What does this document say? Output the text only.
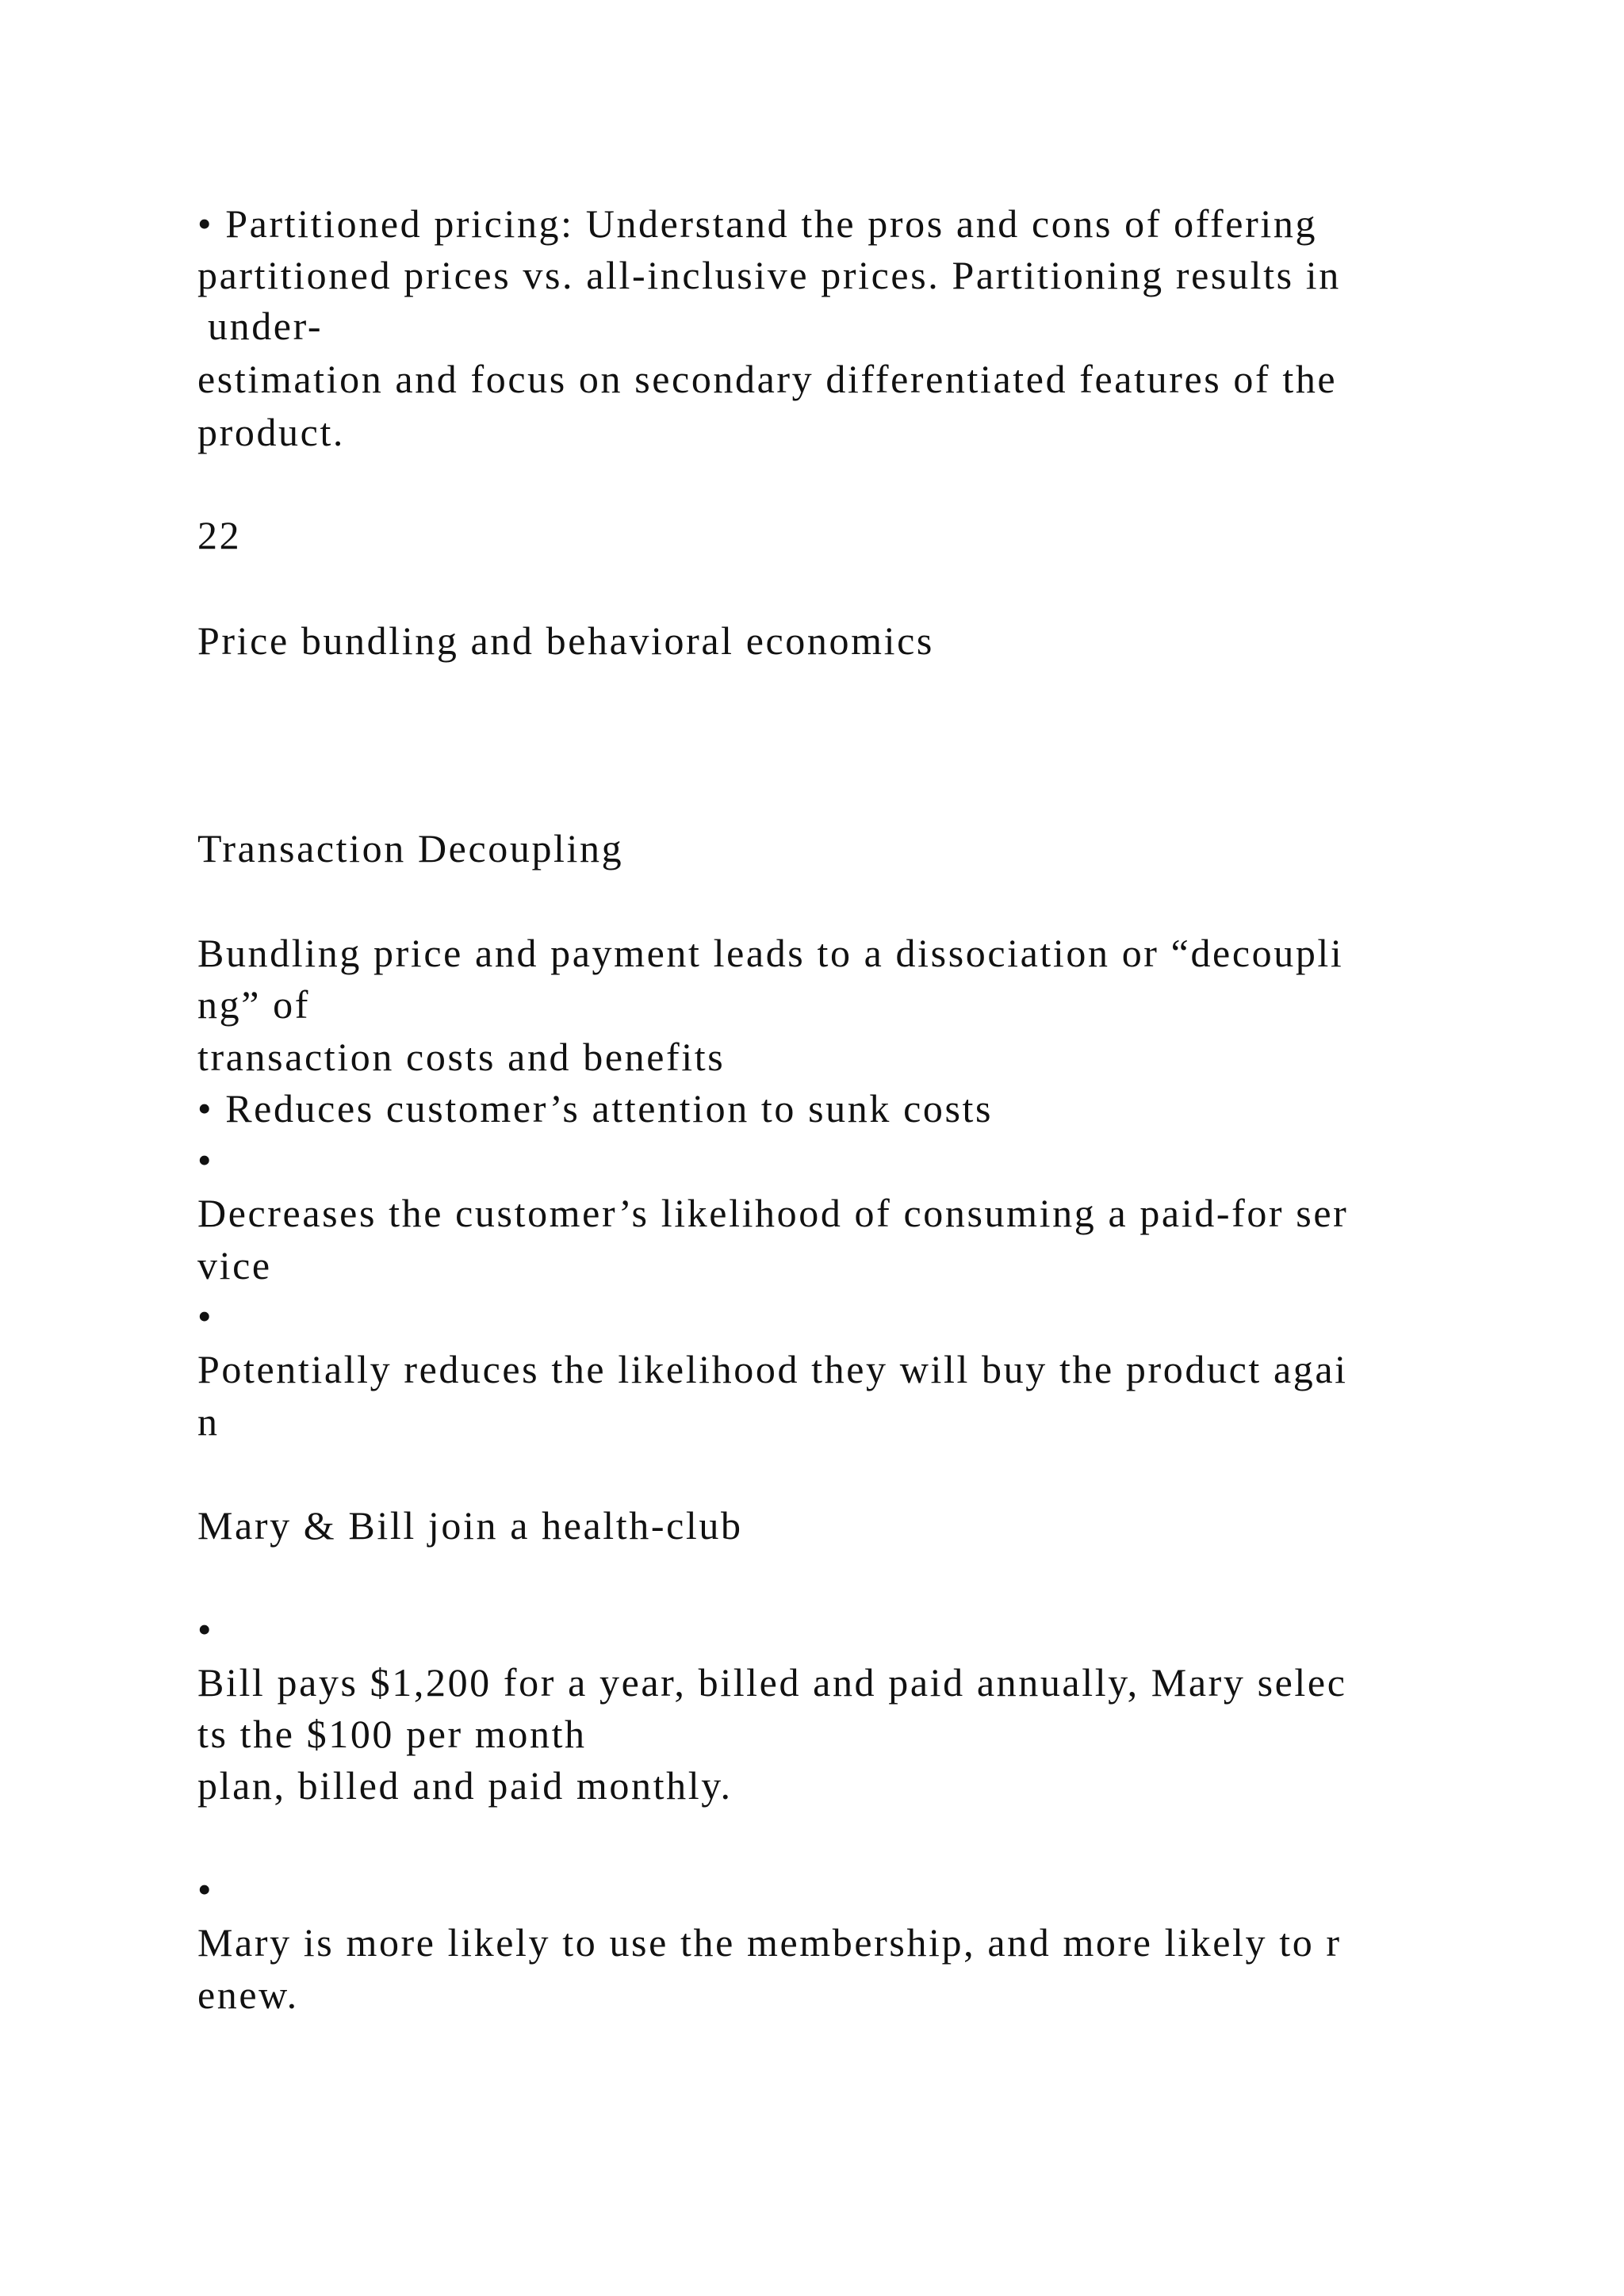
• Partitioned pricing: Understand the pros and cons of offering

partitioned prices vs. all-inclusive prices. Partitioning results in

under-

estimation and focus on secondary differentiated features of the

product.

22

Price bundling and behavioral economics

Transaction Decoupling

Bundling price and payment leads to a dissociation or “decoupli

ng” of

transaction costs and benefits

• Reduces customer’s attention to sunk costs

•

Decreases the customer’s likelihood of consuming a paid-for ser

vice

•

Potentially reduces the likelihood they will buy the product agai

n

Mary & Bill join a health-club

•

Bill pays $1,200 for a year, billed and paid annually, Mary selec

ts the $100 per month

plan, billed and paid monthly.

•

Mary is more likely to use the membership, and more likely to r

enew.
